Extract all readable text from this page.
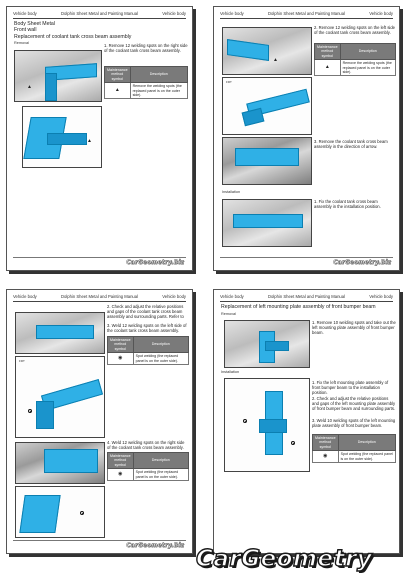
Vehicle body	Dolphin Sheet Metal and Painting Manual	Vehicle body
Body Sheet Metal
Front wall
Replacement of coolant tank cross beam assembly
Removal
▲
▲
1. Remove 12 welding spots on the right side of the coolant tank cross beam assembly.
Maintenance method symbol	Description
▲	Remove the welding spots (the replaced panel is on the outer side).
CarGeometry.Biz
Vehicle body	Dolphin Sheet Metal and Painting Manual	Vehicle body
▲
FRT
2. Remove 12 welding spots on the left side of the coolant tank cross beam assembly.
Maintenance method symbol	Description
▲	Remove the welding spots (the replaced panel is on the outer side).
3. Remove the coolant tank cross beam assembly in the direction of arrow.
Installation
1. Fix the coolant tank cross beam assembly in the installation position.
CarGeometry.Biz
Vehicle body	Dolphin Sheet Metal and Painting Manual	Vehicle body
FRT
2. Check and adjust the relative positions and gaps of the coolant tank cross beam assembly and surrounding parts. Refer to
3. Weld 12 welding spots on the left side of the coolant tank cross beam assembly.
Maintenance method symbol	Description
◉	Spot welding (the replaced panel is on the outer side).
4. Weld 12 welding spots on the right side of the coolant tank cross beam assembly.
Maintenance method symbol	Description
◉	Spot welding (the replaced panel is on the outer side).
CarGeometry.Biz
Vehicle body	Dolphin Sheet Metal and Painting Manual	Vehicle body
Replacement of left mounting plate assembly of front bumper beam
Removal
1. Remove 10 welding spots and take out the left mounting plate assembly of front bumper beam.
Installation
1. Fix the left mounting plate assembly of front bumper beam to the installation position.
2. Check and adjust the relative positions and gaps of the left mounting plate assembly of front bumper beam and surrounding parts.
3. Weld 10 welding spots of the left mounting plate assembly of front bumper beam.
Maintenance method symbol	Description
◉	Spot welding (the replaced panel is on the outer side).
CarGeometry
